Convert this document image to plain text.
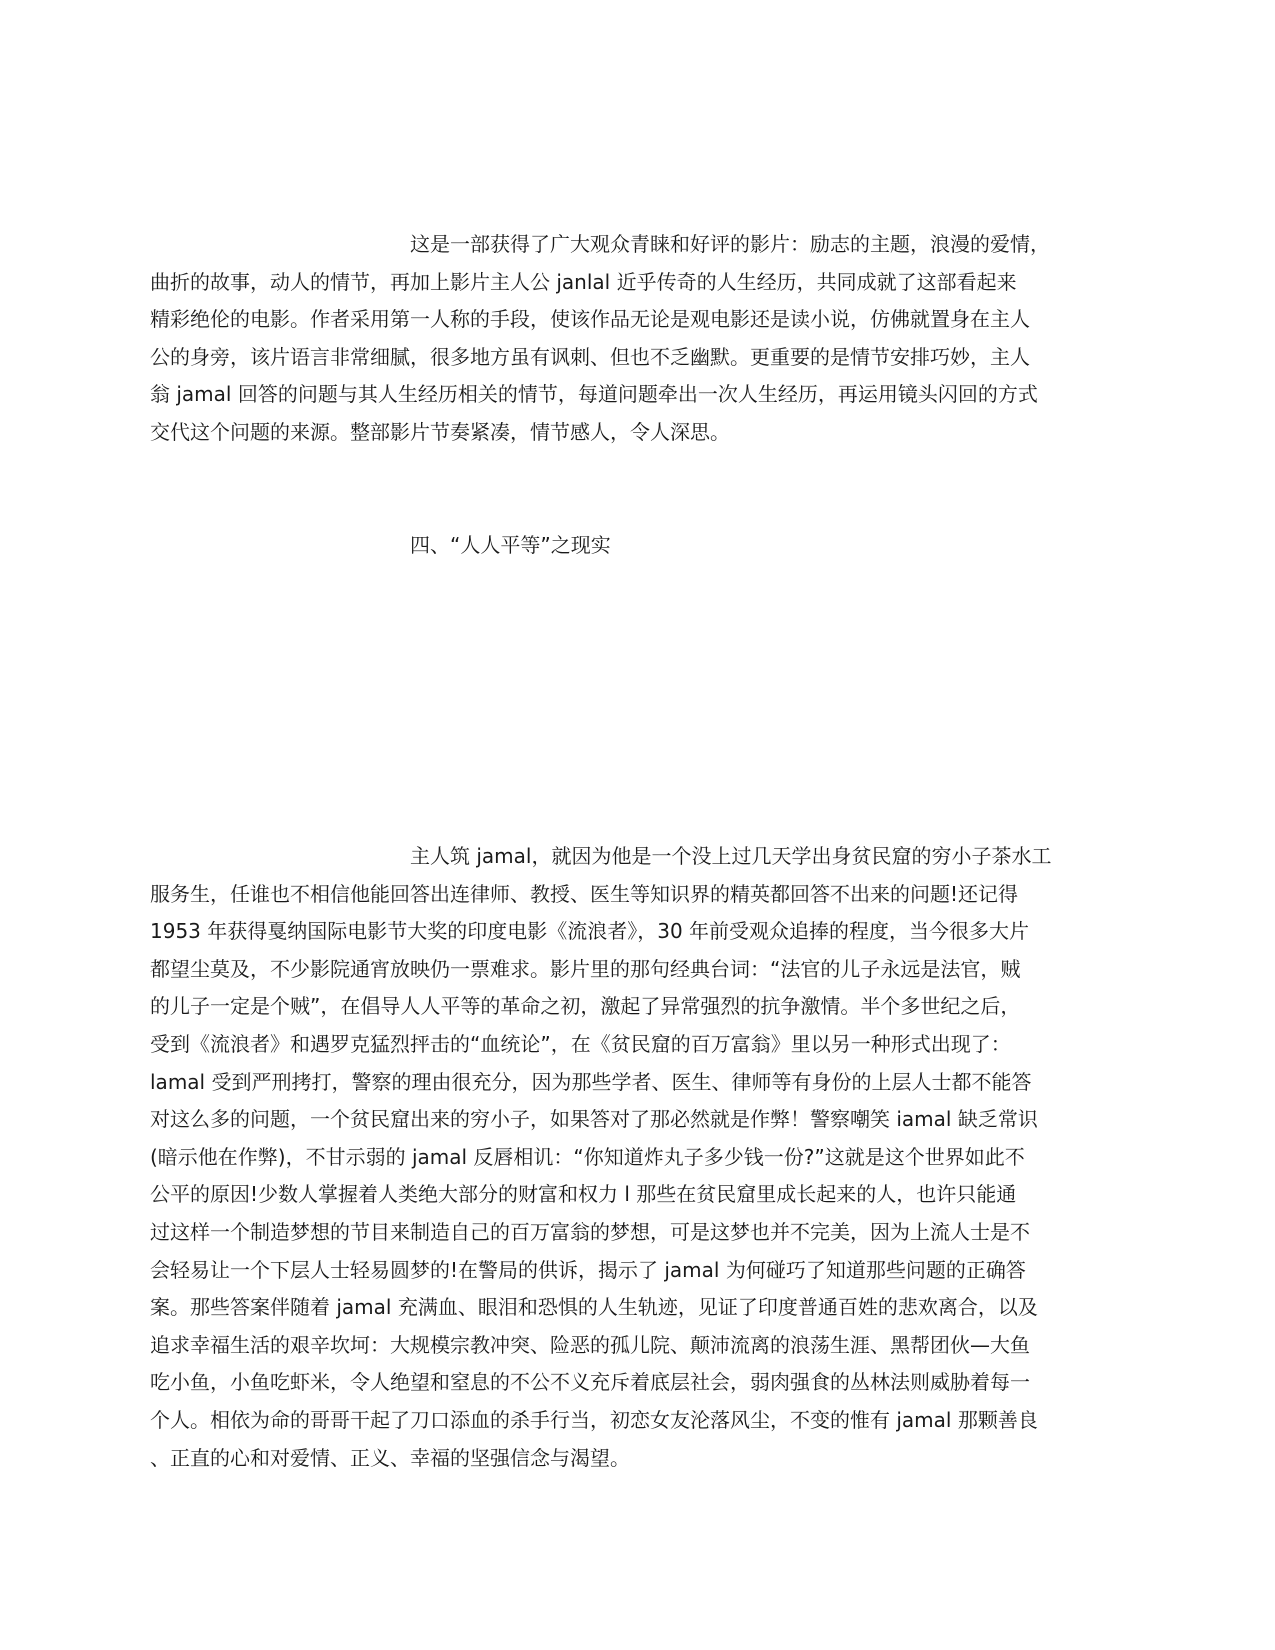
这是一部获得了广大观众青睐和好评的影片：励志的主题，浪漫的爱情，
曲折的故事，动人的情节，再加上影片主人公 janlal 近乎传奇的人生经历，共同成就了这部看起来
精彩绝伦的电影。作者采用第一人称的手段，使该作品无论是观电影还是读小说，仿佛就置身在主人
公的身旁，该片语言非常细腻，很多地方虽有讽刺、但也不乏幽默。更重要的是情节安排巧妙，主人
翁 jamal 回答的问题与其人生经历相关的情节，每道问题牵出一次人生经历，再运用镜头闪回的方式
交代这个问题的来源。整部影片节奏紧凑，情节感人，令人深思。
四、“人人平等”之现实
主人筑 jamal，就因为他是一个没上过几天学出身贫民窟的穷小子茶水工
服务生，任谁也不相信他能回答出连律师、教授、医生等知识界的精英都回答不出来的问题!还记得
1953 年获得戛纳国际电影节大奖的印度电影《流浪者》，30 年前受观众追捧的程度，当今很多大片
都望尘莫及，不少影院通宵放映仍一票难求。影片里的那句经典台词：“法官的儿子永远是法官，贼
的儿子一定是个贼”，在倡导人人平等的革命之初，激起了异常强烈的抗争激情。半个多世纪之后，
受到《流浪者》和遇罗克猛烈抨击的“血统论”，在《贫民窟的百万富翁》里以另一种形式出现了：
lamal 受到严刑拷打，警察的理由很充分，因为那些学者、医生、律师等有身份的上层人士都不能答
对这么多的问题，一个贫民窟出来的穷小子，如果答对了那必然就是作弊！警察嘲笑 iamal 缺乏常识
(暗示他在作弊)，不甘示弱的 jamal 反唇相讥：“你知道炸丸子多少钱一份?”这就是这个世界如此不
公平的原因!少数人掌握着人类绝大部分的财富和权力 l 那些在贫民窟里成长起来的人，也许只能通
过这样一个制造梦想的节目来制造自己的百万富翁的梦想，可是这梦也并不完美，因为上流人士是不
会轻易让一个下层人士轻易圆梦的!在警局的供诉，揭示了 jamal 为何碰巧了知道那些问题的正确答
案。那些答案伴随着 jamal 充满血、眼泪和恐惧的人生轨迹，见证了印度普通百姓的悲欢离合，以及
追求幸福生活的艰辛坎坷：大规模宗教冲突、险恶的孤儿院、颠沛流离的浪荡生涯、黑帮团伙—大鱼
吃小鱼，小鱼吃虾米，令人绝望和窒息的不公不义充斥着底层社会，弱肉强食的丛林法则威胁着每一
个人。相依为命的哥哥干起了刀口添血的杀手行当，初恋女友沦落风尘，不变的惟有 jamal 那颗善良
、正直的心和对爱情、正义、幸福的坚强信念与渴望。
